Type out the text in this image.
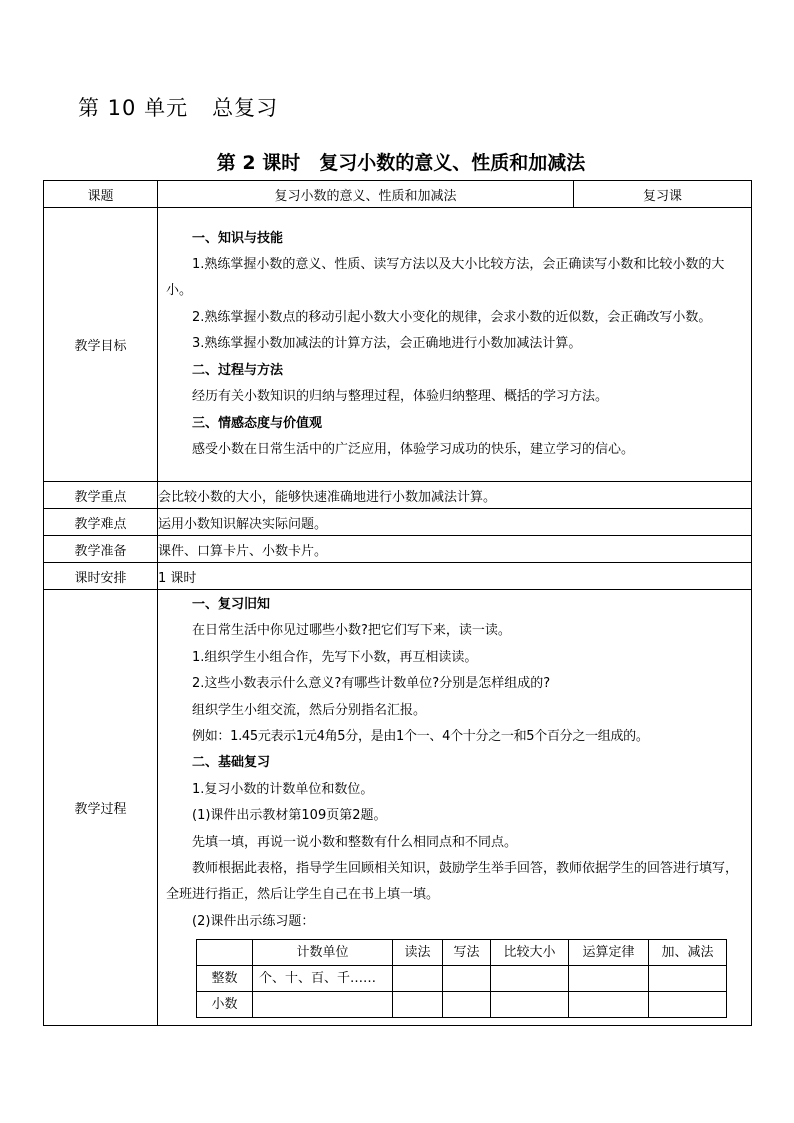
第 10 单元 总复习
第 2 课时　复习小数的意义、性质和加减法
课题	复习小数的意义、性质和加减法	复习课
教学目标	

一、知识与技能

1.熟练掌握小数的意义、性质、读写方法以及大小比较方法，会正确读写小数和比较小数的大小。

2.熟练掌握小数点的移动引起小数大小变化的规律，会求小数的近似数，会正确改写小数。

3.熟练掌握小数加减法的计算方法，会正确地进行小数加减法计算。

二、过程与方法

经历有关小数知识的归纳与整理过程，体验归纳整理、概括的学习方法。

三、情感态度与价值观

感受小数在日常生活中的广泛应用，体验学习成功的快乐，建立学习的信心。

教学重点	会比较小数的大小，能够快速准确地进行小数加减法计算。
教学难点	运用小数知识解决实际问题。
教学准备	课件、口算卡片、小数卡片。
课时安排	1 课时
教学过程	

一、复习旧知

在日常生活中你见过哪些小数?把它们写下来，读一读。

1.组织学生小组合作，先写下小数，再互相读读。

2.这些小数表示什么意义?有哪些计数单位?分别是怎样组成的?

组织学生小组交流，然后分别指名汇报。

例如：1.45元表示1元4角5分，是由1个一、4个十分之一和5个百分之一组成的。

二、基础复习

1.复习小数的计数单位和数位。

(1)课件出示教材第109页第2题。

先填一填，再说一说小数和整数有什么相同点和不同点。

教师根据此表格，指导学生回顾相关知识，鼓励学生举手回答，教师依据学生的回答进行填写，全班进行指正，然后让学生自己在书上填一填。

(2)课件出示练习题：

	计数单位	读法	写法	比较大小	运算定律	加、减法
整数	个、十、百、千……					
小数						
